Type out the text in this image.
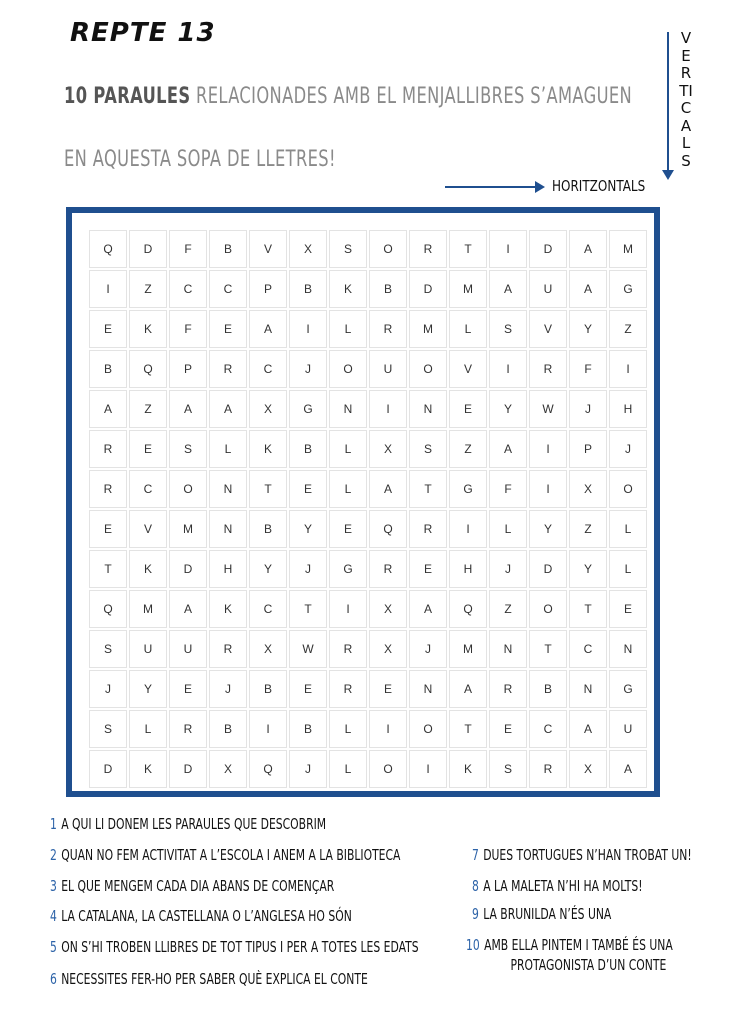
REPTE 13
10 PARAULES RELACIONADES AMB EL MENJALLIBRES S’AMAGUEN
EN AQUESTA SOPA DE LLETRES!
VERTICALS
HORITZONTALS
Q	D	F	B	V	X	S	O	R	T	I	D	A	M
I	Z	C	C	P	B	K	B	D	M	A	U	A	G
E	K	F	E	A	I	L	R	M	L	S	V	Y	Z
B	Q	P	R	C	J	O	U	O	V	I	R	F	I
A	Z	A	A	X	G	N	I	N	E	Y	W	J	H
R	E	S	L	K	B	L	X	S	Z	A	I	P	J
R	C	O	N	T	E	L	A	T	G	F	I	X	O
E	V	M	N	B	Y	E	Q	R	I	L	Y	Z	L
T	K	D	H	Y	J	G	R	E	H	J	D	Y	L
Q	M	A	K	C	T	I	X	A	Q	Z	O	T	E
S	U	U	R	X	W	R	X	J	M	N	T	C	N
J	Y	E	J	B	E	R	E	N	A	R	B	N	G
S	L	R	B	I	B	L	I	O	T	E	C	A	U
D	K	D	X	Q	J	L	O	I	K	S	R	X	A
1 A QUI LI DONEM LES PARAULES QUE DESCOBRIM
2 QUAN NO FEM ACTIVITAT A L’ESCOLA I ANEM A LA BIBLIOTECA
3 EL QUE MENGEM CADA DIA ABANS DE COMENÇAR
4 LA CATALANA, LA CASTELLANA O L’ANGLESA HO SÓN
5 ON S’HI TROBEN LLIBRES DE TOT TIPUS I PER A TOTES LES EDATS
6 NECESSITES FER-HO PER SABER QUÈ EXPLICA EL CONTE
7 DUES TORTUGUES N’HAN TROBAT UN!
8 A LA MALETA N’HI HA MOLTS!
9 LA BRUNILDA N’ÉS UNA
10 AMB ELLA PINTEM I TAMBÉ ÉS UNA
PROTAGONISTA D’UN CONTE
